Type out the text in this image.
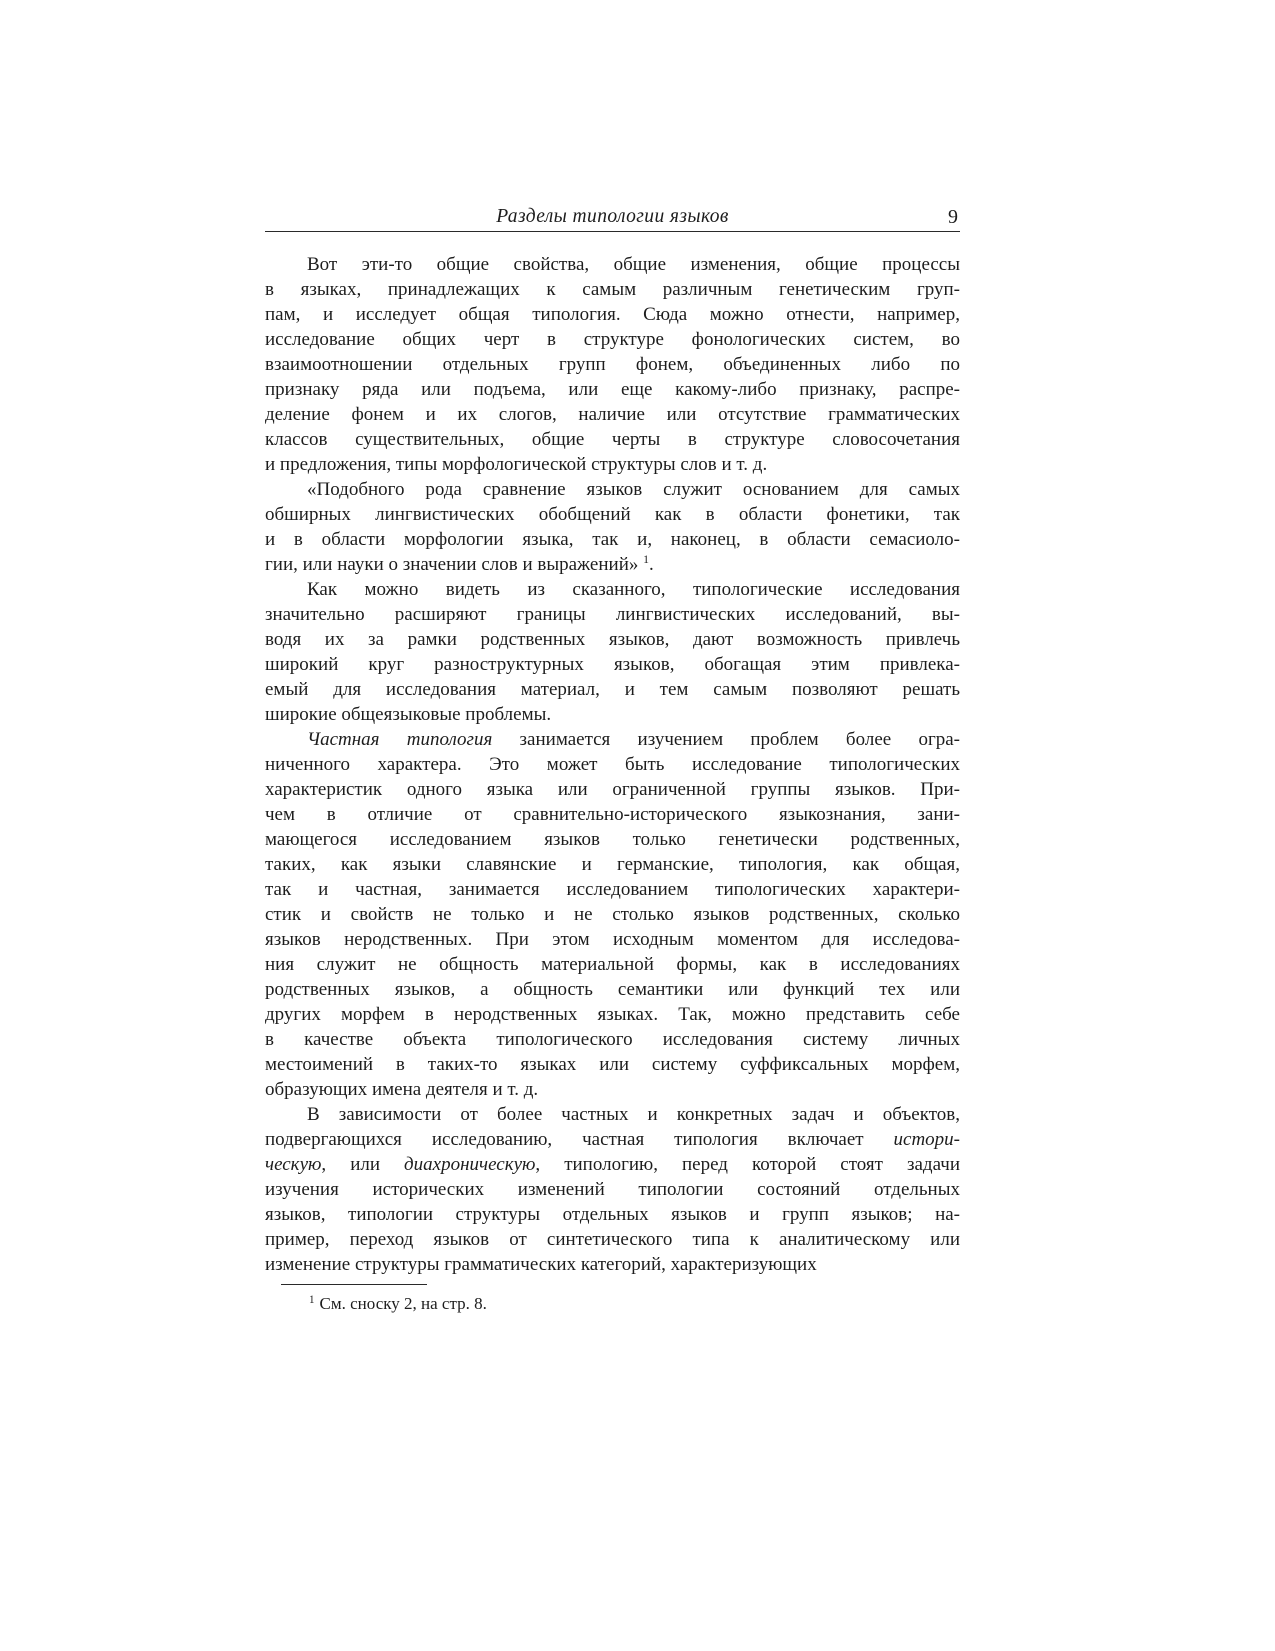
Разделы типологии языков	9
Вот эти-то общие свойства, общие изменения, общие процессы
в языках, принадлежащих к самым различным генетическим груп-
пам, и исследует общая типология. Сюда можно отнести, например,
исследование общих черт в структуре фонологических систем, во
взаимоотношении отдельных групп фонем, объединенных либо по
признаку ряда или подъема, или еще какому-либо признаку, распре-
деление фонем и их слогов, наличие или отсутствие грамматических
классов существительных, общие черты в структуре словосочетания
и предложения, типы морфологической структуры слов и т. д.
«Подобного рода сравнение языков служит основанием для самых
обширных лингвистических обобщений как в области фонетики, так
и в области морфологии языка, так и, наконец, в области семасиоло-
гии, или науки о значении слов и выражений» $^1$.
Как можно видеть из сказанного, типологические исследования
значительно расширяют границы лингвистических исследований, вы-
водя их за рамки родственных языков, дают возможность привлечь
широкий круг разноструктурных языков, обогащая этим привлека-
емый для исследования материал, и тем самым позволяют решать
широкие общеязыковые проблемы.
Частная типология занимается изучением проблем более огра-
ниченного характера. Это может быть исследование типологических
характеристик одного языка или ограниченной группы языков. При-
чем в отличие от сравнительно-исторического языкознания, зани-
мающегося исследованием языков только генетически родственных,
таких, как языки славянские и германские, типология, как общая,
так и частная, занимается исследованием типологических характери-
стик и свойств не только и не столько языков родственных, сколько
языков неродственных. При этом исходным моментом для исследова-
ния служит не общность материальной формы, как в исследованиях
родственных языков, а общность семантики или функций тех или
других морфем в неродственных языках. Так, можно представить себе
в качестве объекта типологического исследования систему личных
местоимений в таких-то языках или систему суффиксальных морфем,
образующих имена деятеля и т. д.
В зависимости от более частных и конкретных задач и объектов,
подвергающихся исследованию, частная типология включает истори-
ческую, или диахроническую, типологию, перед которой стоят задачи
изучения исторических изменений типологии состояний отдельных
языков, типологии структуры отдельных языков и групп языков; на-
пример, переход языков от синтетического типа к аналитическому или
изменение структуры грамматических категорий, характеризующих
$^1$ См. сноску 2, на стр. 8.
